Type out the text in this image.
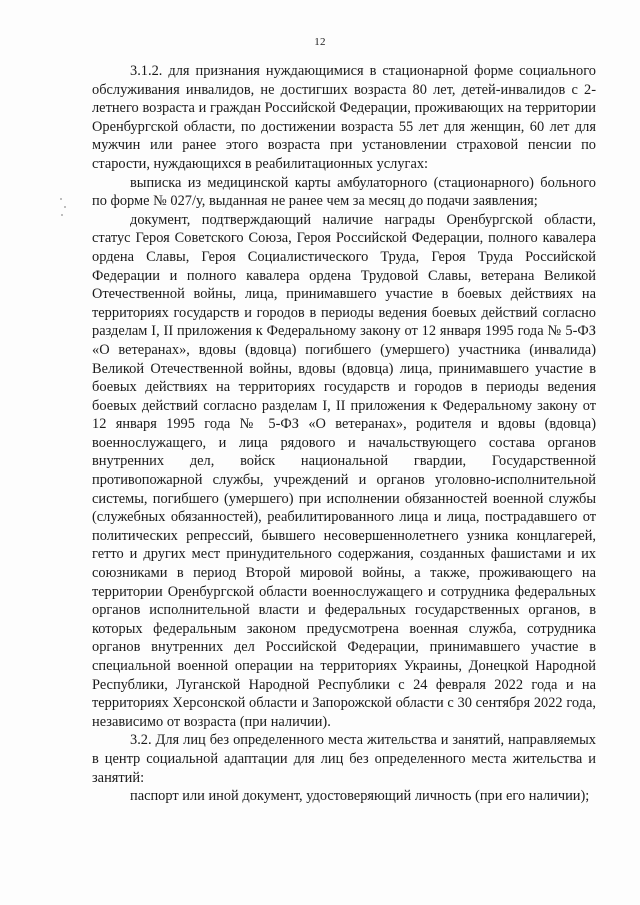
12

3.1.2. для признания нуждающимися в стационарной форме социального обслуживания инвалидов, не достигших возраста 80 лет, детей-инвалидов с 2-летнего возраста и граждан Российской Федерации, проживающих на территории Оренбургской области, по достижении возраста 55 лет для женщин, 60 лет для мужчин или ранее этого возраста при установлении страховой пенсии по старости, нуждающихся в реабилитационных услугах:

выписка из медицинской карты амбулаторного (стационарного) больного по форме № 027/у, выданная не ранее чем за месяц до подачи заявления;

документ, подтверждающий наличие награды Оренбургской области, статус Героя Советского Союза, Героя Российской Федерации, полного кавалера ордена Славы, Героя Социалистического Труда, Героя Труда Российской Федерации и полного кавалера ордена Трудовой Славы, ветерана Великой Отечественной войны, лица, принимавшего участие в боевых действиях на территориях государств и городов в периоды ведения боевых действий согласно разделам I, II приложения к Федеральному закону от 12 января 1995 года № 5-ФЗ «О ветеранах», вдовы (вдовца) погибшего (умершего) участника (инвалида) Великой Отечественной войны, вдовы (вдовца) лица, принимавшего участие в боевых действиях на территориях государств и городов в периоды ведения боевых действий согласно разделам I, II приложения к Федеральному закону от 12 января 1995 года № 5-ФЗ «О ветеранах», родителя и вдовы (вдовца) военнослужащего, и лица рядового и начальствующего состава органов внутренних дел, войск национальной гвардии, Государственной противопожарной службы, учреждений и органов уголовно-исполнительной системы, погибшего (умершего) при исполнении обязанностей военной службы (служебных обязанностей), реабилитированного лица и лица, пострадавшего от политических репрессий, бывшего несовершеннолетнего узника концлагерей, гетто и других мест принудительного содержания, созданных фашистами и их союзниками в период Второй мировой войны, а также, проживающего на территории Оренбургской области военнослужащего и сотрудника федеральных органов исполнительной власти и федеральных государственных органов, в которых федеральным законом предусмотрена военная служба, сотрудника органов внутренних дел Российской Федерации, принимавшего участие в специальной военной операции на территориях Украины, Донецкой Народной Республики, Луганской Народной Республики с 24 февраля 2022 года и на территориях Херсонской области и Запорожской области с 30 сентября 2022 года, независимо от возраста (при наличии).

3.2. Для лиц без определенного места жительства и занятий, направляемых в центр социальной адаптации для лиц без определенного места жительства и занятий:

паспорт или иной документ, удостоверяющий личность (при его наличии);
